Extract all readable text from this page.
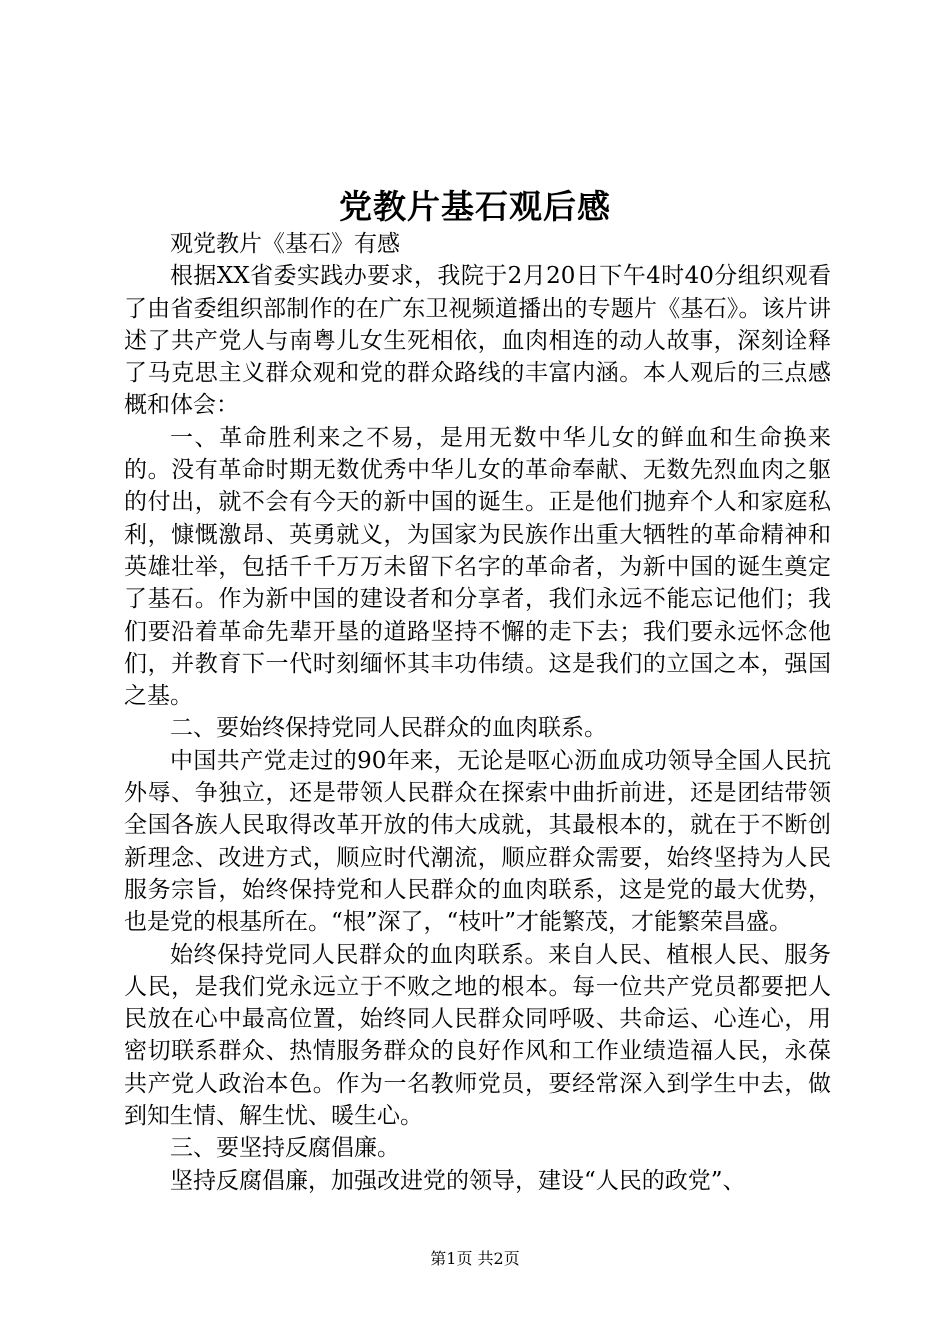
党教片基石观后感

观党教片《基石》有感

根据XX省委实践办要求，我院于2月20日下午4时40分组织观看了由省委组织部制作的在广东卫视频道播出的专题片《基石》。该片讲述了共产党人与南粤儿女生死相依，血肉相连的动人故事，深刻诠释了马克思主义群众观和党的群众路线的丰富内涵。本人观后的三点感概和体会：

一、革命胜利来之不易，是用无数中华儿女的鲜血和生命换来的。没有革命时期无数优秀中华儿女的革命奉献、无数先烈血肉之躯的付出，就不会有今天的新中国的诞生。正是他们抛弃个人和家庭私利，慷慨激昂、英勇就义，为国家为民族作出重大牺牲的革命精神和英雄壮举，包括千千万万未留下名字的革命者，为新中国的诞生奠定了基石。作为新中国的建设者和分享者，我们永远不能忘记他们；我们要沿着革命先辈开垦的道路坚持不懈的走下去；我们要永远怀念他们，并教育下一代时刻缅怀其丰功伟绩。这是我们的立国之本，强国之基。

二、要始终保持党同人民群众的血肉联系。

中国共产党走过的90年来，无论是呕心沥血成功领导全国人民抗外辱、争独立，还是带领人民群众在探索中曲折前进，还是团结带领全国各族人民取得改革开放的伟大成就，其最根本的，就在于不断创新理念、改进方式，顺应时代潮流，顺应群众需要，始终坚持为人民服务宗旨，始终保持党和人民群众的血肉联系，这是党的最大优势，也是党的根基所在。“根”深了，“枝叶”才能繁茂，才能繁荣昌盛。

始终保持党同人民群众的血肉联系。来自人民、植根人民、服务人民，是我们党永远立于不败之地的根本。每一位共产党员都要把人民放在心中最高位置，始终同人民群众同呼吸、共命运、心连心，用密切联系群众、热情服务群众的良好作风和工作业绩造福人民，永葆共产党人政治本色。作为一名教师党员，要经常深入到学生中去，做到知生情、解生忧、暖生心。

三、要坚持反腐倡廉。

坚持反腐倡廉，加强改进党的领导，建设“人民的政党”、

第1页 共2页
